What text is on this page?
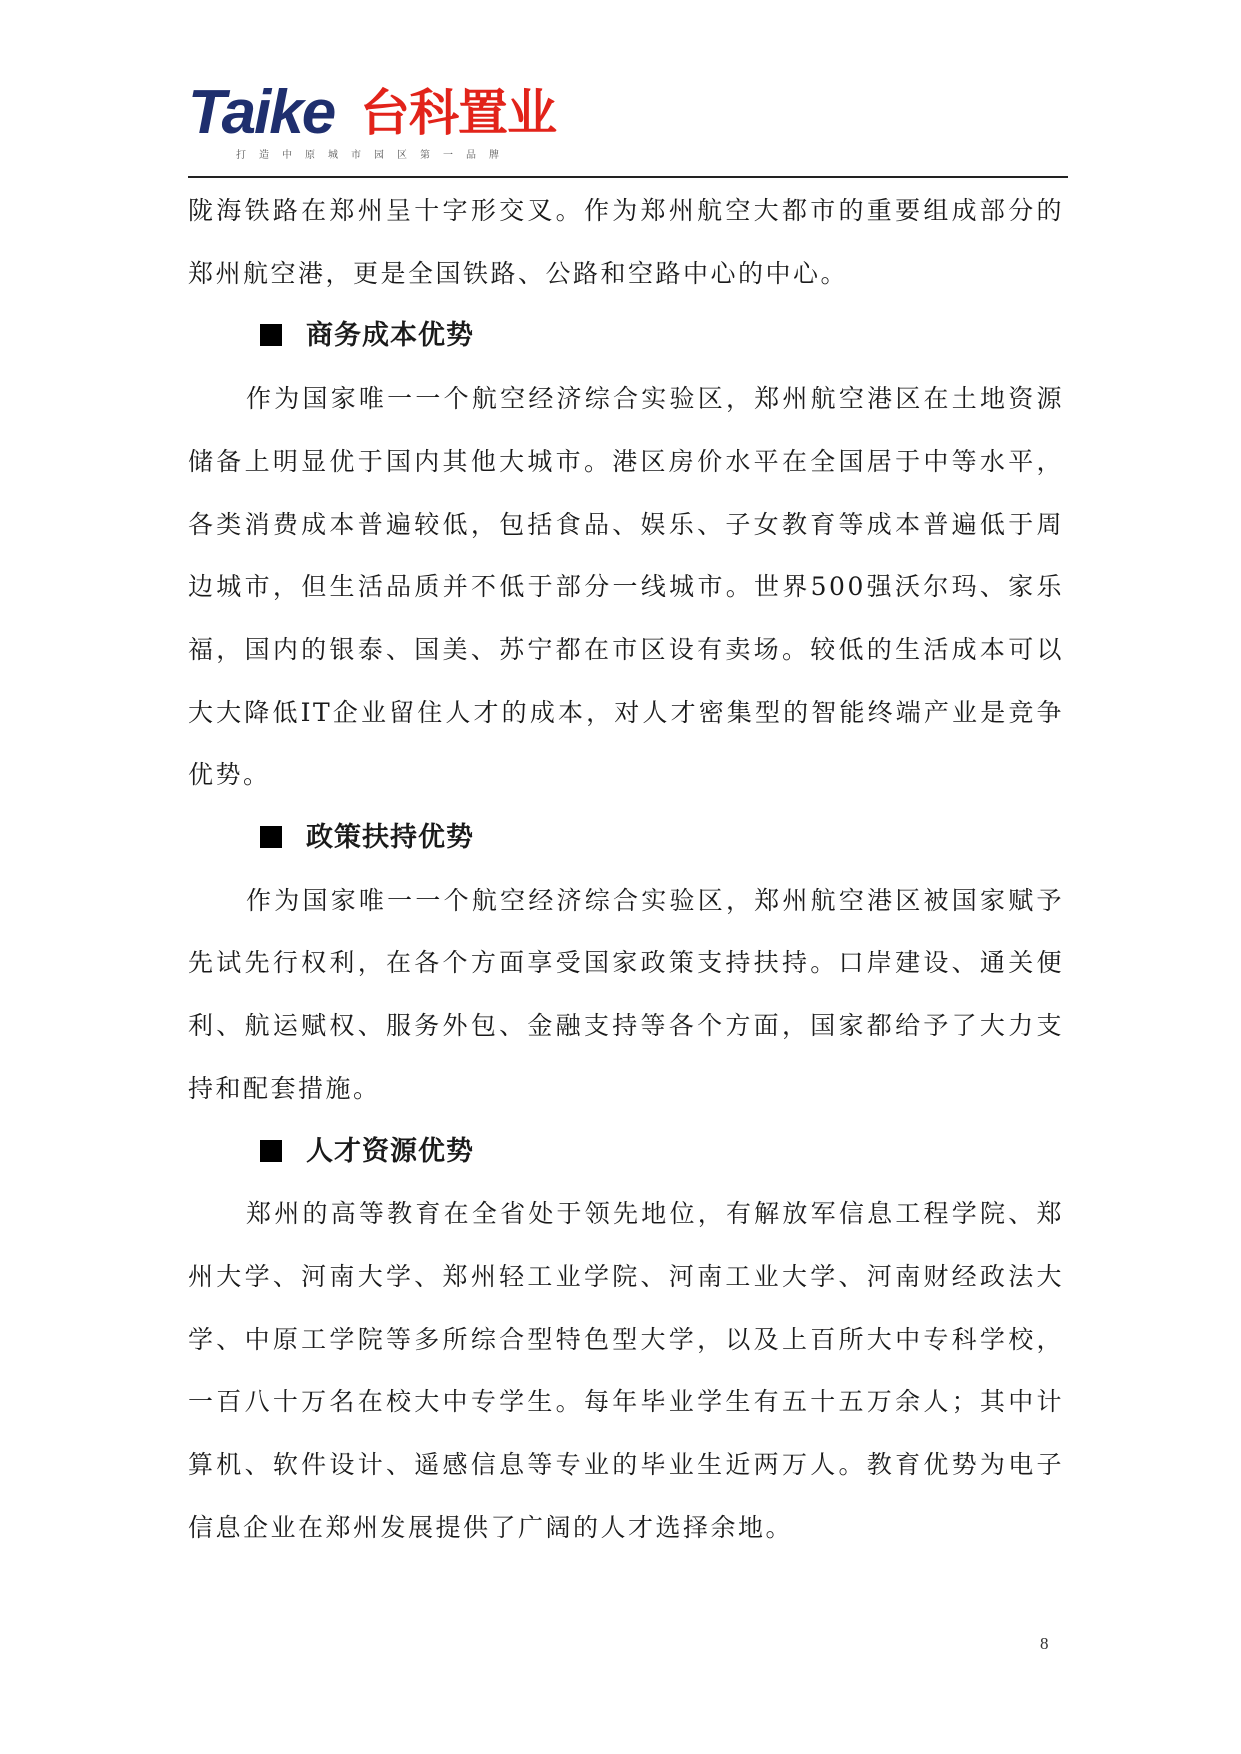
Taike 台科置业
打造中原城市园区第一品牌

陇海铁路在郑州呈十字形交叉。作为郑州航空大都市的重要组成部分的郑州航空港，更是全国铁路、公路和空路中心的中心。

商务成本优势

作为国家唯一一个航空经济综合实验区，郑州航空港区在土地资源储备上明显优于国内其他大城市。港区房价水平在全国居于中等水平，各类消费成本普遍较低，包括食品、娱乐、子女教育等成本普遍低于周边城市，但生活品质并不低于部分一线城市。世界500强沃尔玛、家乐福，国内的银泰、国美、苏宁都在市区设有卖场。较低的生活成本可以大大降低IT企业留住人才的成本，对人才密集型的智能终端产业是竞争优势。

政策扶持优势

作为国家唯一一个航空经济综合实验区，郑州航空港区被国家赋予先试先行权利，在各个方面享受国家政策支持扶持。口岸建设、通关便利、航运赋权、服务外包、金融支持等各个方面，国家都给予了大力支持和配套措施。

人才资源优势

郑州的高等教育在全省处于领先地位，有解放军信息工程学院、郑州大学、河南大学、郑州轻工业学院、河南工业大学、河南财经政法大学、中原工学院等多所综合型特色型大学，以及上百所大中专科学校，一百八十万名在校大中专学生。每年毕业学生有五十五万余人；其中计算机、软件设计、遥感信息等专业的毕业生近两万人。教育优势为电子信息企业在郑州发展提供了广阔的人才选择余地。

8
